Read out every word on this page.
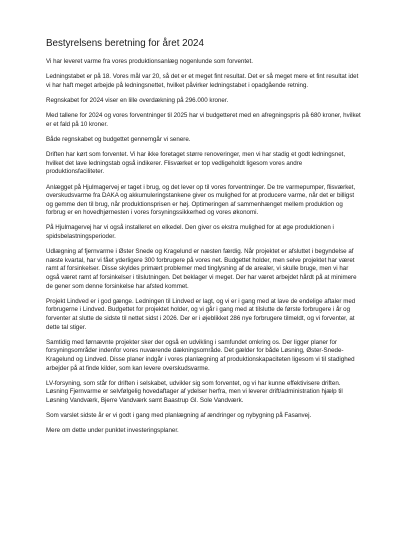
Bestyrelsens beretning for året 2024

Vi har leveret varme fra vores produktionsanlæg nogenlunde som forventet.

Ledningstabet er på 18. Vores mål var 20, så det er et meget fint resultat. Det er så meget mere et fint resultat idet vi har haft meget arbejde på ledningsnettet, hvilket påvirker ledningstabet i opadgående retning.

Regnskabet for 2024 viser en lille overdækning på 296.000 kroner.

Med tallene for 2024 og vores forventninger til 2025 har vi budgetteret med en afregningspris på 680 kroner, hvilket er et fald på 10 kroner.

Både regnskabet og budgettet gennemgår vi senere.

Driften har kørt som forventet. Vi har ikke foretaget større renoveringer, men vi har stadig et godt ledningsnet, hvilket det lave ledningstab også indikerer. Flisværket er top vedligeholdt ligesom vores andre produktionsfaciliteter.

Anlægget på Hjulmagervej er taget i brug, og det lever op til vores forventninger. De tre varmepumper, flisværket, overskudsvarme fra DAKA og akkumuleringstankene giver os mulighed for at producere varme, når det er billigst og gemme den til brug, når produktionsprisen er høj. Optimeringen af sammenhænget mellem produktion og forbrug er en hovedhjørnesten i vores forsyningssikkerhed og vores økonomi.

På Hjulmagervej har vi også installeret en elkedel. Den giver os ekstra mulighed for at øge produktionen i spidsbelastningsperioder.

Udlægning af fjernvarme i Øster Snede og Kragelund er næsten færdig. Når projektet er afsluttet i begyndelse af næste kvartal, har vi fået yderligere 300 forbrugere på vores net. Budgettet holder, men selve projektet har været ramt af forsinkelser. Disse skyldes primært problemer med tinglysning af de arealer, vi skulle bruge, men vi har også været ramt af forsinkelser i tilslutningen. Det beklager vi meget. Der har været arbejdet hårdt på at minimere de gener som denne forsinkelse har afsted kommet.

Projekt Lindved er i god gænge. Ledningen til Lindved er lagt, og vi er i gang med at lave de endelige aftaler med forbrugerne i Lindved. Budgettet for projektet holder, og vi går i gang med at tilslutte de første forbrugere i år og forventer at slutte de sidste til nettet sidst i 2026. Der er i øjeblikket 286 nye forbrugere tilmeldt, og vi forventer, at dette tal stiger.

Samtidig med førnævnte projekter sker der også en udvikling i samfundet omkring os. Der ligger planer for forsyningsområder indenfor vores nuværende dækningsområde. Det gælder for både Løsning, Øster-Snede-Kragelund og Lindved. Disse planer indgår i vores planlægning af produktionskapaciteten ligesom vi til stadighed arbejder på at finde kilder, som kan levere overskudsvarme.

LV-forsyning, som står for driften i selskabet, udvikler sig som forventet, og vi har kunne effektivisere driften. Løsning Fjernvarme er selvfølgelig hovedaftager af ydelser herfra, men vi leverer drift/administration hjælp til Løsning Vandværk, Bjerre Vandværk samt Baastrup Gl. Sole Vandværk.

Som varslet sidste år er vi godt i gang med planlægning af ændringer og nybygning på Fasanvej.

Mere om dette under punktet investeringsplaner.
